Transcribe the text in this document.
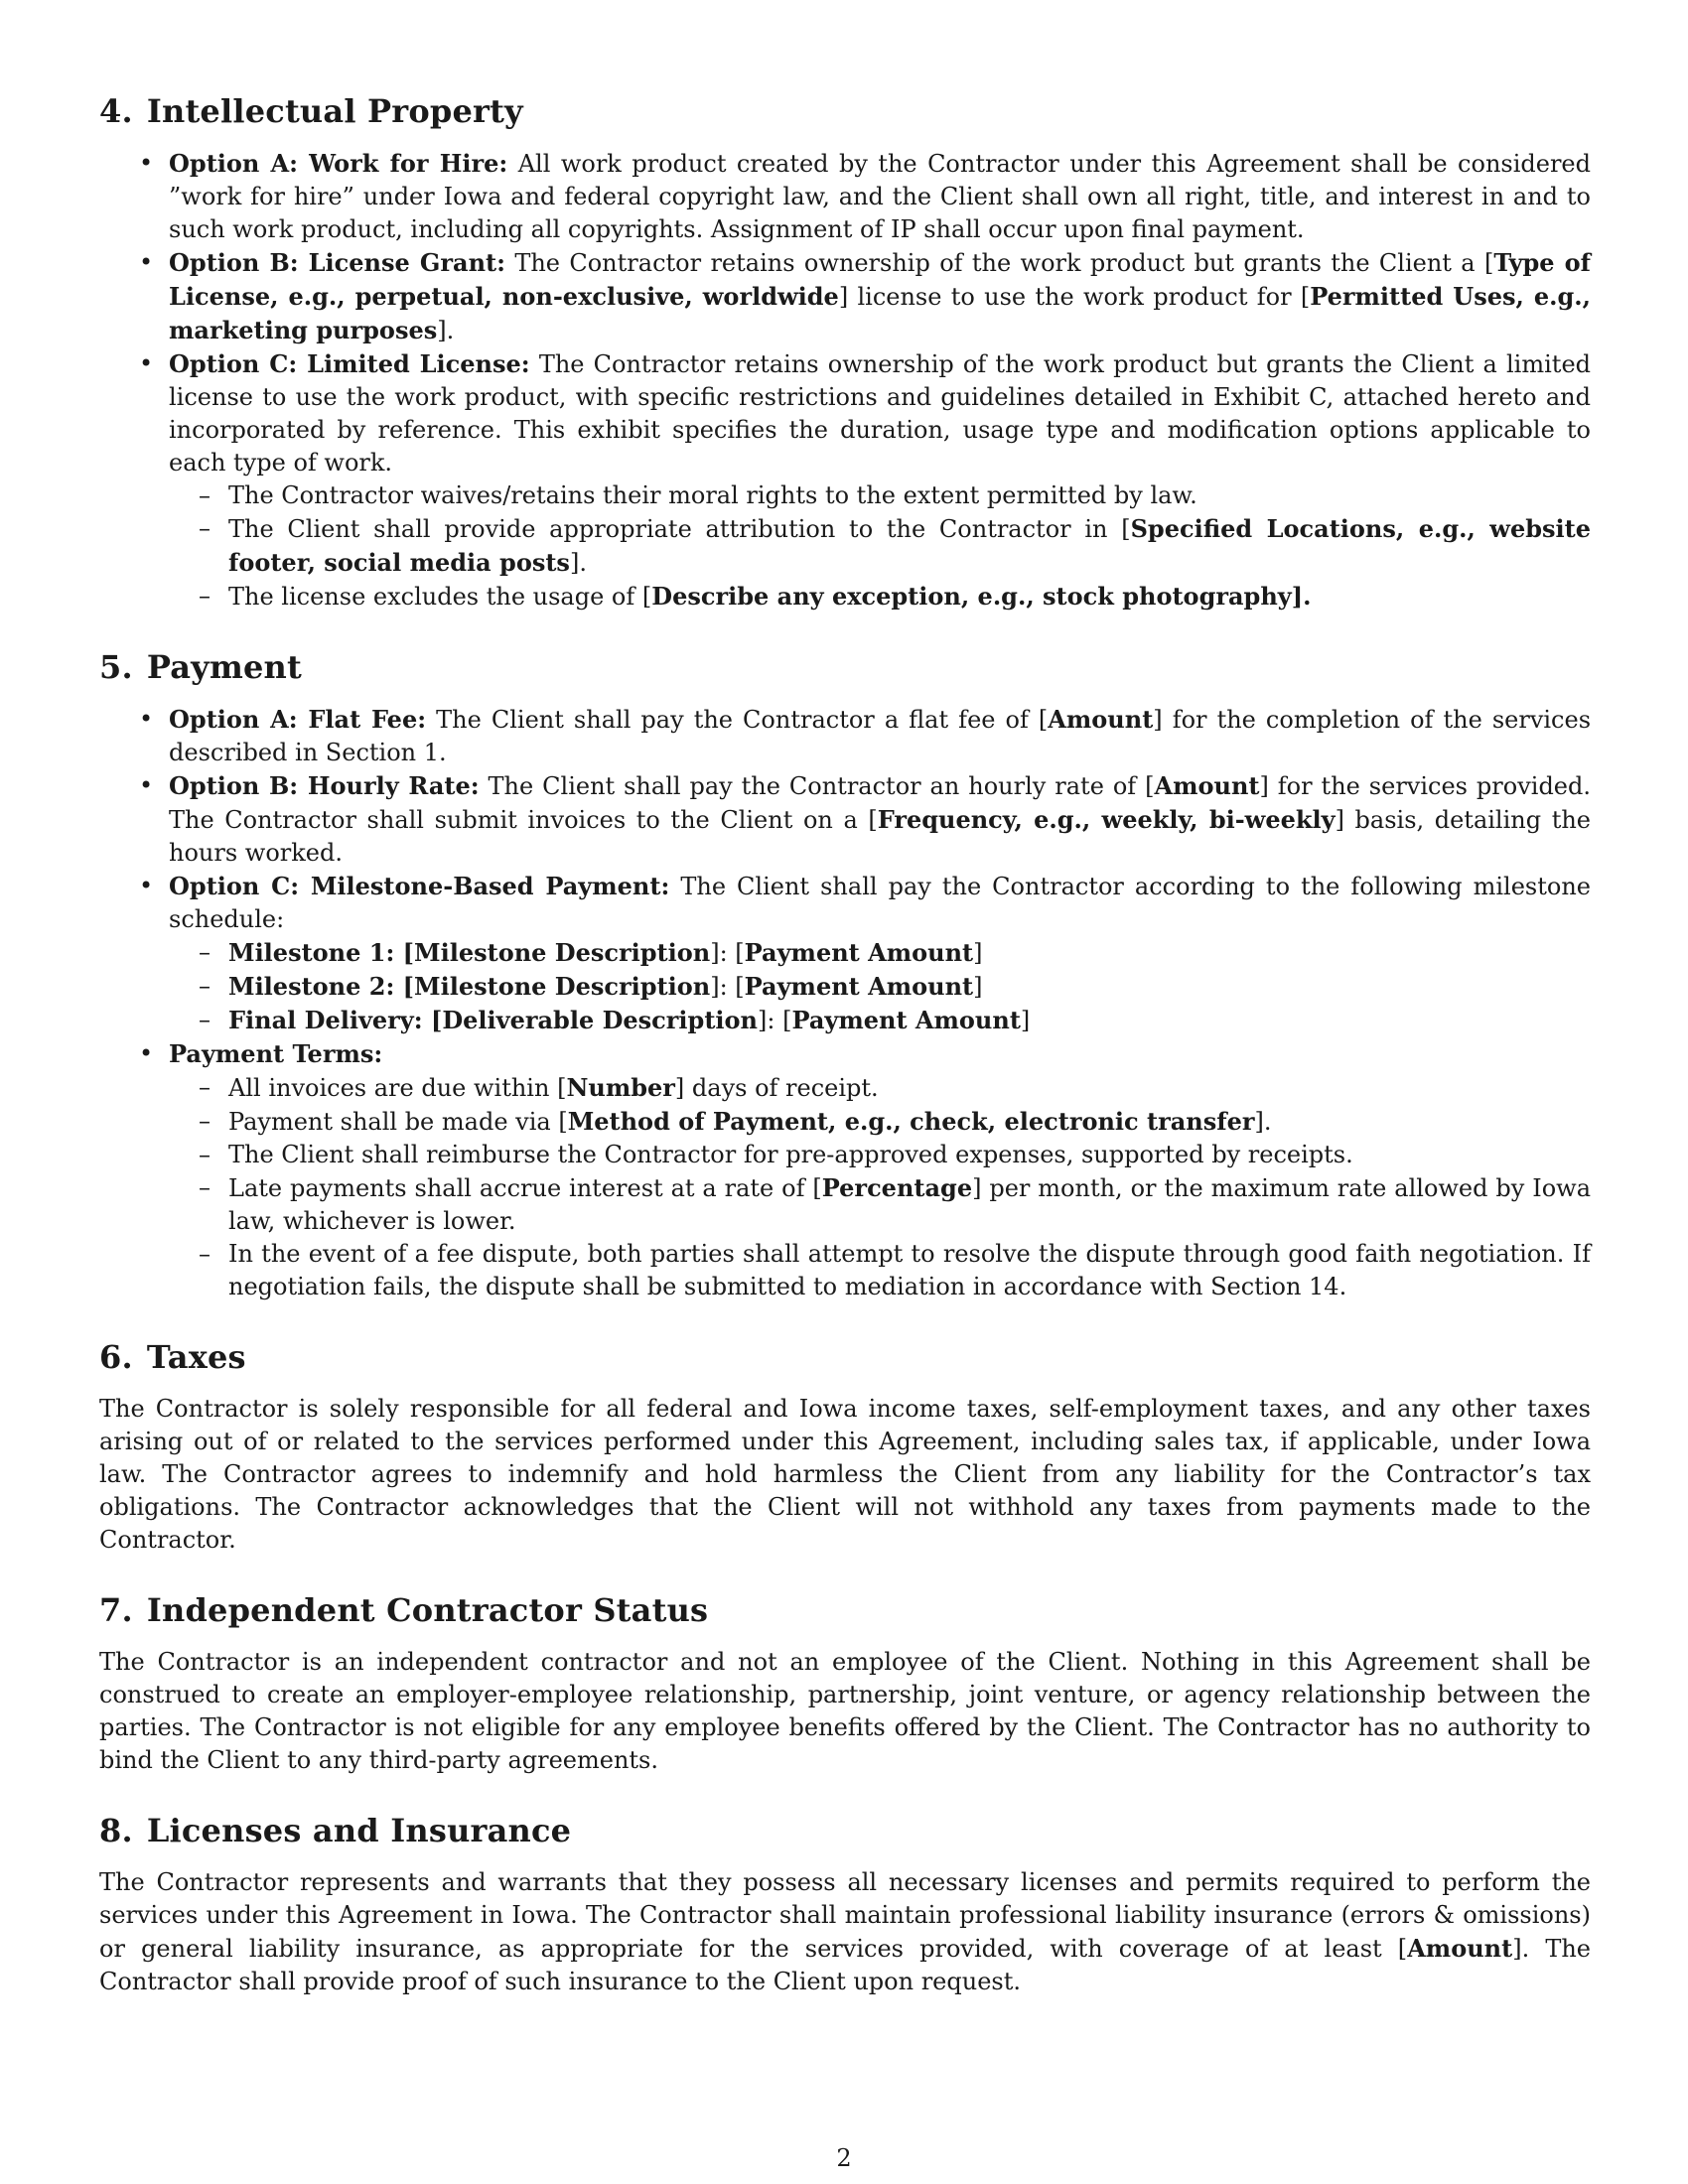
4. Intellectual Property
• Option A: Work for Hire: All work product created by the Contractor under this Agreement shall be considered ”work for hire” under Iowa and federal copyright law, and the Client shall own all right, title, and interest in and to such work product, including all copyrights. Assignment of IP shall occur upon final payment.
• Option B: License Grant: The Contractor retains ownership of the work product but grants the Client a [Type of License, e.g., perpetual, non-exclusive, worldwide] license to use the work product for [Permitted Uses, e.g., marketing purposes].
• Option C: Limited License: The Contractor retains ownership of the work product but grants the Client a limited license to use the work product, with specific restrictions and guidelines detailed in Exhibit C, attached hereto and incorporated by reference. This exhibit specifies the duration, usage type and modification options applicable to each type of work.
– The Contractor waives/retains their moral rights to the extent permitted by law.
– The Client shall provide appropriate attribution to the Contractor in [Specified Locations, e.g., website footer, social media posts].
– The license excludes the usage of [Describe any exception, e.g., stock photography].
5. Payment
• Option A: Flat Fee: The Client shall pay the Contractor a flat fee of [Amount] for the completion of the services described in Section 1.
• Option B: Hourly Rate: The Client shall pay the Contractor an hourly rate of [Amount] for the services provided. The Contractor shall submit invoices to the Client on a [Frequency, e.g., weekly, bi-weekly] basis, detailing the hours worked.
• Option C: Milestone-Based Payment: The Client shall pay the Contractor according to the following milestone schedule:
– Milestone 1: [Milestone Description]: [Payment Amount]
– Milestone 2: [Milestone Description]: [Payment Amount]
– Final Delivery: [Deliverable Description]: [Payment Amount]
• Payment Terms:
– All invoices are due within [Number] days of receipt.
– Payment shall be made via [Method of Payment, e.g., check, electronic transfer].
– The Client shall reimburse the Contractor for pre-approved expenses, supported by receipts.
– Late payments shall accrue interest at a rate of [Percentage] per month, or the maximum rate allowed by Iowa law, whichever is lower.
– In the event of a fee dispute, both parties shall attempt to resolve the dispute through good faith negotiation. If negotiation fails, the dispute shall be submitted to mediation in accordance with Section 14.
6. Taxes

The Contractor is solely responsible for all federal and Iowa income taxes, self-employment taxes, and any other taxes arising out of or related to the services performed under this Agreement, including sales tax, if applicable, under Iowa law. The Contractor agrees to indemnify and hold harmless the Client from any liability for the Contractor’s tax obligations. The Contractor acknowledges that the Client will not withhold any taxes from payments made to the Contractor.

7. Independent Contractor Status

The Contractor is an independent contractor and not an employee of the Client. Nothing in this Agreement shall be construed to create an employer-employee relationship, partnership, joint venture, or agency relationship between the parties. The Contractor is not eligible for any employee benefits offered by the Client. The Contractor has no authority to bind the Client to any third-party agreements.

8. Licenses and Insurance

The Contractor represents and warrants that they possess all necessary licenses and permits required to perform the services under this Agreement in Iowa. The Contractor shall maintain professional liability insurance (errors & omissions) or general liability insurance, as appropriate for the services provided, with coverage of at least [Amount]. The Contractor shall provide proof of such insurance to the Client upon request.

2
